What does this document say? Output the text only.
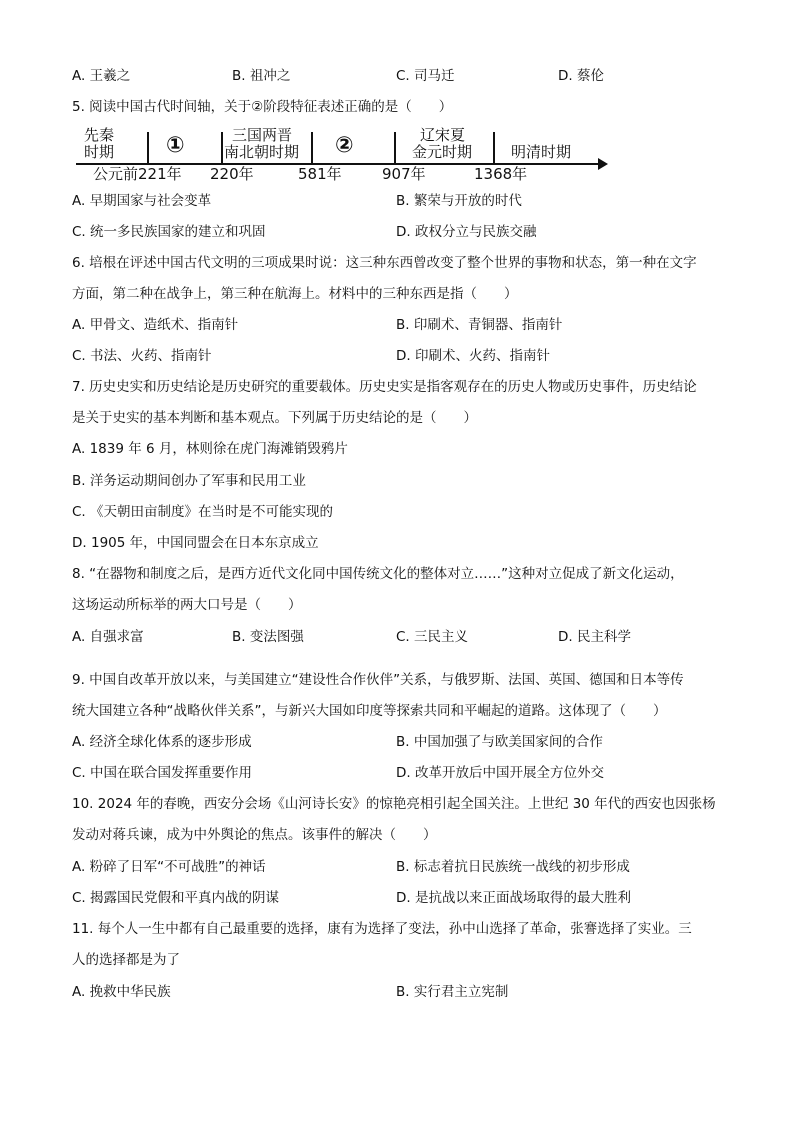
A. 王羲之	B. 祖冲之	C. 司马迁	D. 蔡伦
5. 阅读中国古代时间轴，关于②阶段特征表述正确的是（　　）
先秦
时期 ①	三国两晋
南北朝时期 ②	辽宋夏
金元时期	明清时期
公元前221年 220年	581年	907年	1368年
A. 早期国家与社会变革	B. 繁荣与开放的时代
C. 统一多民族国家的建立和巩固	D. 政权分立与民族交融
6. 培根在评述中国古代文明的三项成果时说：这三种东西曾改变了整个世界的事物和状态，第一种在文字
方面，第二种在战争上，第三种在航海上。材料中的三种东西是指（　　）
A. 甲骨文、造纸术、指南针	B. 印刷术、青铜器、指南针
C. 书法、火药、指南针	D. 印刷术、火药、指南针
7. 历史史实和历史结论是历史研究的重要载体。历史史实是指客观存在的历史人物或历史事件，历史结论
是关于史实的基本判断和基本观点。下列属于历史结论的是（　　）
A. 1839 年 6 月，林则徐在虎门海滩销毁鸦片
B. 洋务运动期间创办了军事和民用工业
C. 《天朝田亩制度》在当时是不可能实现的
D. 1905 年，中国同盟会在日本东京成立
8. “在器物和制度之后，是西方近代文化同中国传统文化的整体对立……”这种对立促成了新文化运动，
这场运动所标举的两大口号是（　　）
A. 自强求富	B. 变法图强	C. 三民主义	D. 民主科学
9. 中国自改革开放以来，与美国建立“建设性合作伙伴”关系，与俄罗斯、法国、英国、德国和日本等传
统大国建立各种“战略伙伴关系”，与新兴大国如印度等探索共同和平崛起的道路。这体现了（　　）
A. 经济全球化体系的逐步形成	B. 中国加强了与欧美国家间的合作
C. 中国在联合国发挥重要作用	D. 改革开放后中国开展全方位外交
10. 2024 年的春晚，西安分会场《山河诗长安》的惊艳亮相引起全国关注。上世纪 30 年代的西安也因张杨
发动对蒋兵谏，成为中外舆论的焦点。该事件的解决（　　）
A. 粉碎了日军“不可战胜”的神话	B. 标志着抗日民族统一战线的初步形成
C. 揭露国民党假和平真内战的阴谋	D. 是抗战以来正面战场取得的最大胜利
11. 每个人一生中都有自己最重要的选择，康有为选择了变法，孙中山选择了革命，张謇选择了实业。三
人的选择都是为了
A. 挽救中华民族	B. 实行君主立宪制
